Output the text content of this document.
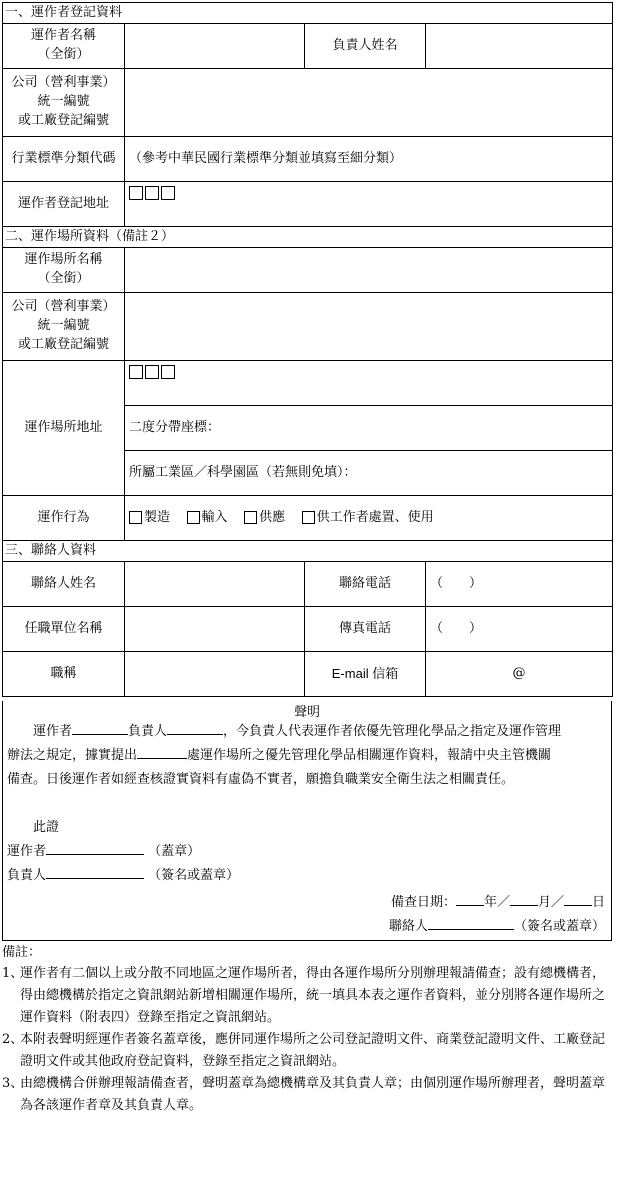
一、運作者登記資料			

運作者名稱
（全銜）		負責人姓名	

公司（營利事業）
統一編號
或工廠登記編號			

行業標準分類代碼	（參考中華民國行業標準分類並填寫至細分類）		
運作者登記地址			
二、運作場所資料（備註２）			

運作場所名稱
（全銜）			

公司（營利事業）
統一編號
或工廠登記編號			

運作場所地址			
	二度分帶座標：		
	所屬工業區／科學園區（若無則免填）：		
運作行為	製造 輸入 供應 供工作者處置、使用		
三、聯絡人資料			
聯絡人姓名		聯絡電話	（　　）
任職單位名稱		傳真電話	（　　）
職稱		E-mail 信箱	@
聲明

運作者	負責人	，今負責人代表運作者依優先管理化學品之指定及運作管理

辦法之規定，據實提出	處運作場所之優先管理化學品相關運作資料，報請中央主管機關

備查。日後運作者如經查核證實資料有虛偽不實者，願擔負職業安全衛生法之相關責任。

此證

運作者	（蓋章）

負責人	（簽名或蓋章）

備查日期： 年／ 月／ 日
聯絡人	（簽名或蓋章）
備註：
1、
運作者有二個以上或分散不同地區之運作場所者，得由各運作場所分別辦理報請備查；設有總機構者，得由總機構於指定之資訊網站新增相關運作場所，統一填具本表之運作者資料，並分別將各運作場所之運作資料（附表四）登錄至指定之資訊網站。
2、
本附表聲明經運作者簽名蓋章後，應併同運作場所之公司登記證明文件、商業登記證明文件、工廠登記證明文件或其他政府登記資料，登錄至指定之資訊網站。
3、
由總機構合併辦理報請備查者，聲明蓋章為總機構章及其負責人章；由個別運作場所辦理者，聲明蓋章為各該運作者章及其負責人章。
